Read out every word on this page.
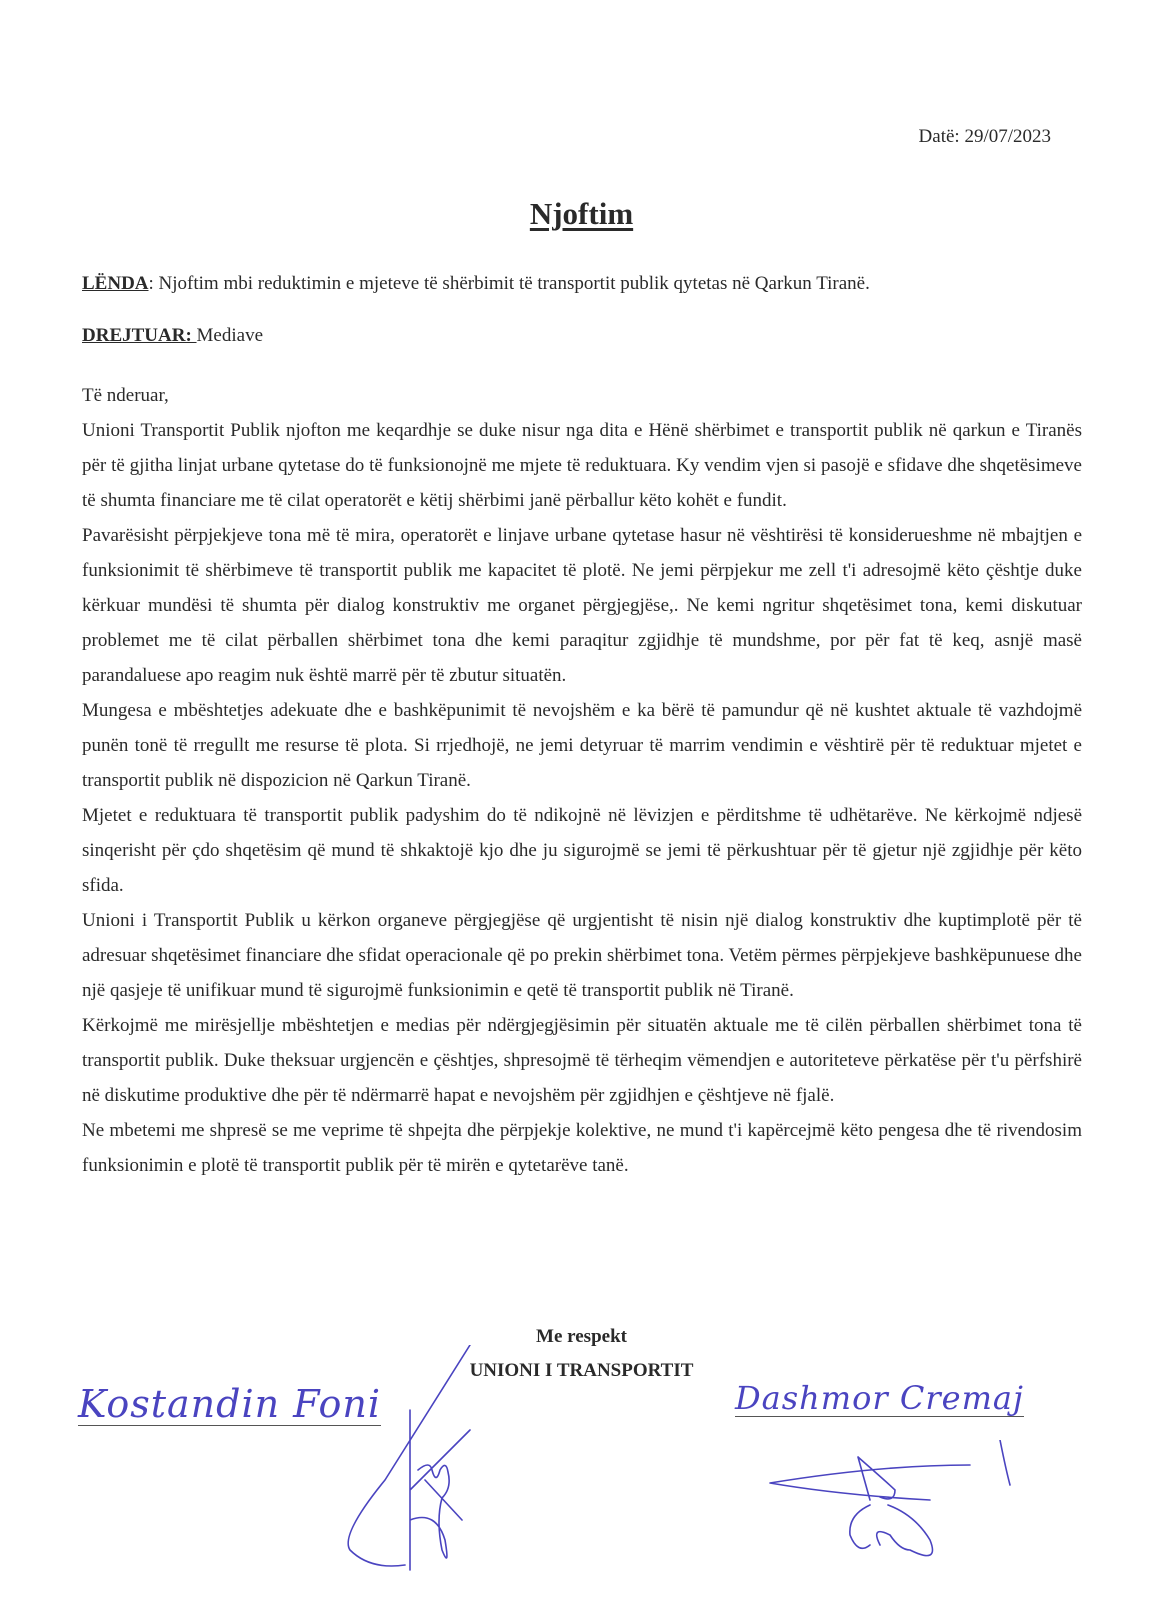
Datë: 29/07/2023
Njoftim
LËNDA: Njoftim mbi reduktimin e mjeteve të shërbimit të transportit publik qytetas në Qarkun Tiranë.
DREJTUAR: Mediave

Të nderuar,

Unioni Transportit Publik njofton me keqardhje se duke nisur nga dita e Hënë shërbimet e transportit publik në qarkun e Tiranës për të gjitha linjat urbane qytetase do të funksionojnë me mjete të reduktuara. Ky vendim vjen si pasojë e sfidave dhe shqetësimeve të shumta financiare me të cilat operatorët e këtij shërbimi janë përballur këto kohët e fundit.

Pavarësisht përpjekjeve tona më të mira, operatorët e linjave urbane qytetase hasur në vështirësi të konsiderueshme në mbajtjen e funksionimit të shërbimeve të transportit publik me kapacitet të plotë. Ne jemi përpjekur me zell t'i adresojmë këto çështje duke kërkuar mundësi të shumta për dialog konstruktiv me organet përgjegjëse,. Ne kemi ngritur shqetësimet tona, kemi diskutuar problemet me të cilat përballen shërbimet tona dhe kemi paraqitur zgjidhje të mundshme, por për fat të keq, asnjë masë parandaluese apo reagim nuk është marrë për të zbutur situatën.

Mungesa e mbështetjes adekuate dhe e bashkëpunimit të nevojshëm e ka bërë të pamundur që në kushtet aktuale të vazhdojmë punën tonë të rregullt me resurse të plota. Si rrjedhojë, ne jemi detyruar të marrim vendimin e vështirë për të reduktuar mjetet e transportit publik në dispozicion në Qarkun Tiranë.

Mjetet e reduktuara të transportit publik padyshim do të ndikojnë në lëvizjen e përditshme të udhëtarëve. Ne kërkojmë ndjesë sinqerisht për çdo shqetësim që mund të shkaktojë kjo dhe ju sigurojmë se jemi të përkushtuar për të gjetur një zgjidhje për këto sfida.

Unioni i Transportit Publik u kërkon organeve përgjegjëse që urgjentisht të nisin një dialog konstruktiv dhe kuptimplotë për të adresuar shqetësimet financiare dhe sfidat operacionale që po prekin shërbimet tona. Vetëm përmes përpjekjeve bashkëpunuese dhe një qasjeje të unifikuar mund të sigurojmë funksionimin e qetë të transportit publik në Tiranë.

Kërkojmë me mirësjellje mbështetjen e medias për ndërgjegjësimin për situatën aktuale me të cilën përballen shërbimet tona të transportit publik. Duke theksuar urgjencën e çështjes, shpresojmë të tërheqim vëmendjen e autoriteteve përkatëse për t'u përfshirë në diskutime produktive dhe për të ndërmarrë hapat e nevojshëm për zgjidhjen e çështjeve në fjalë.

Ne mbetemi me shpresë se me veprime të shpejta dhe përpjekje kolektive, ne mund t'i kapërcejmë këto pengesa dhe të rivendosim funksionimin e plotë të transportit publik për të mirën e qytetarëve tanë.

Me respekt
UNIONI I TRANSPORTIT
Kostandin Foni	Dashmor Cremaj
